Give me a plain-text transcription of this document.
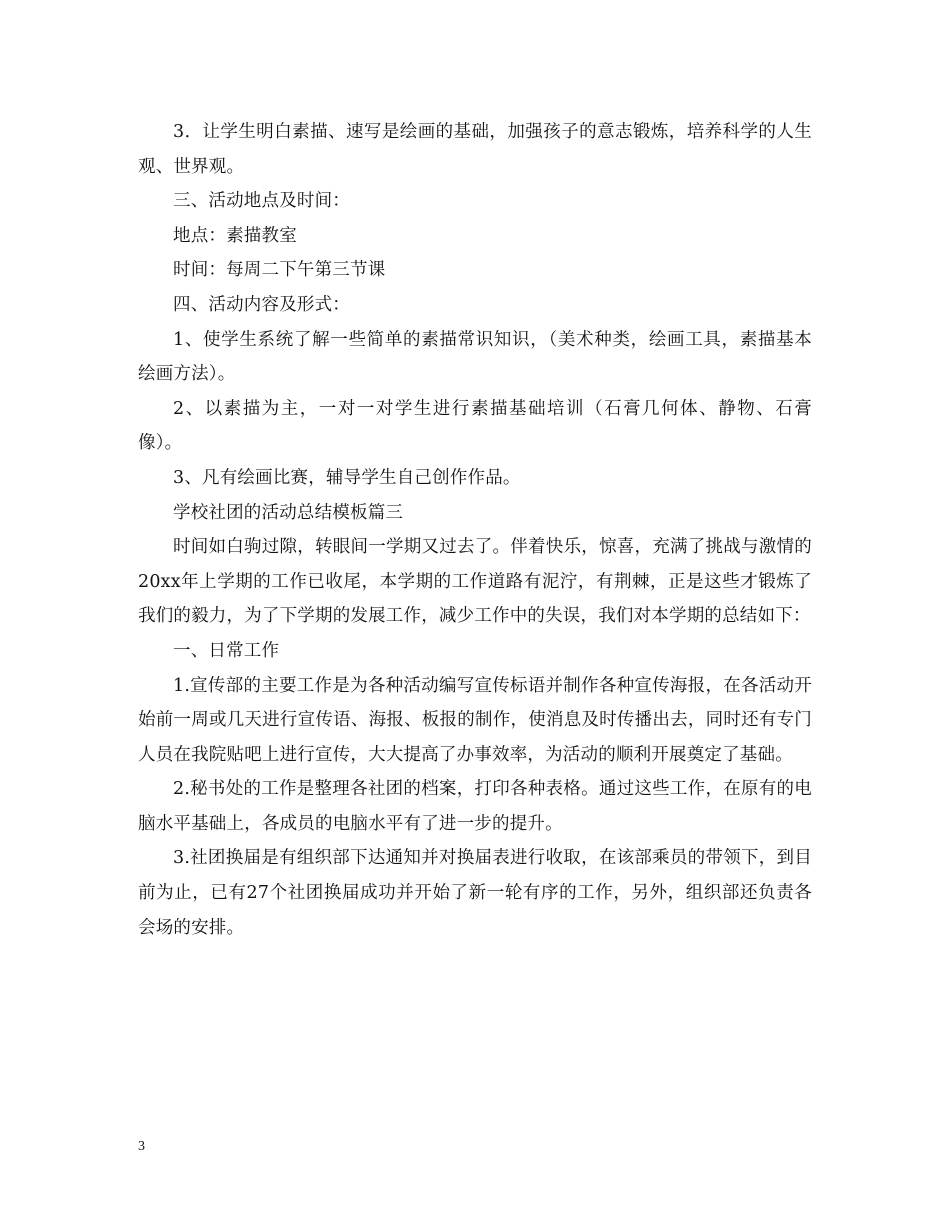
3．让学生明白素描、速写是绘画的基础，加强孩子的意志锻炼，培养科学的人生观、世界观。

三、活动地点及时间：

地点：素描教室

时间：每周二下午第三节课

四、活动内容及形式：

1、使学生系统了解一些简单的素描常识知识，（美术种类，绘画工具，素描基本绘画方法）。

2、以素描为主，一对一对学生进行素描基础培训（石膏几何体、静物、石膏像）。

3、凡有绘画比赛，辅导学生自己创作作品。

学校社团的活动总结模板篇三

时间如白驹过隙，转眼间一学期又过去了。伴着快乐，惊喜，充满了挑战与激情的20xx年上学期的工作已收尾，本学期的工作道路有泥泞，有荆棘，正是这些才锻炼了我们的毅力，为了下学期的发展工作，减少工作中的失误，我们对本学期的总结如下：

一、日常工作

1.宣传部的主要工作是为各种活动编写宣传标语并制作各种宣传海报，在各活动开始前一周或几天进行宣传语、海报、板报的制作，使消息及时传播出去，同时还有专门人员在我院贴吧上进行宣传，大大提高了办事效率，为活动的顺利开展奠定了基础。

2.秘书处的工作是整理各社团的档案，打印各种表格。通过这些工作，在原有的电脑水平基础上，各成员的电脑水平有了进一步的提升。

3.社团换届是有组织部下达通知并对换届表进行收取，在该部乘员的带领下，到目前为止，已有27个社团换届成功并开始了新一轮有序的工作，另外，组织部还负责各会场的安排。

3
